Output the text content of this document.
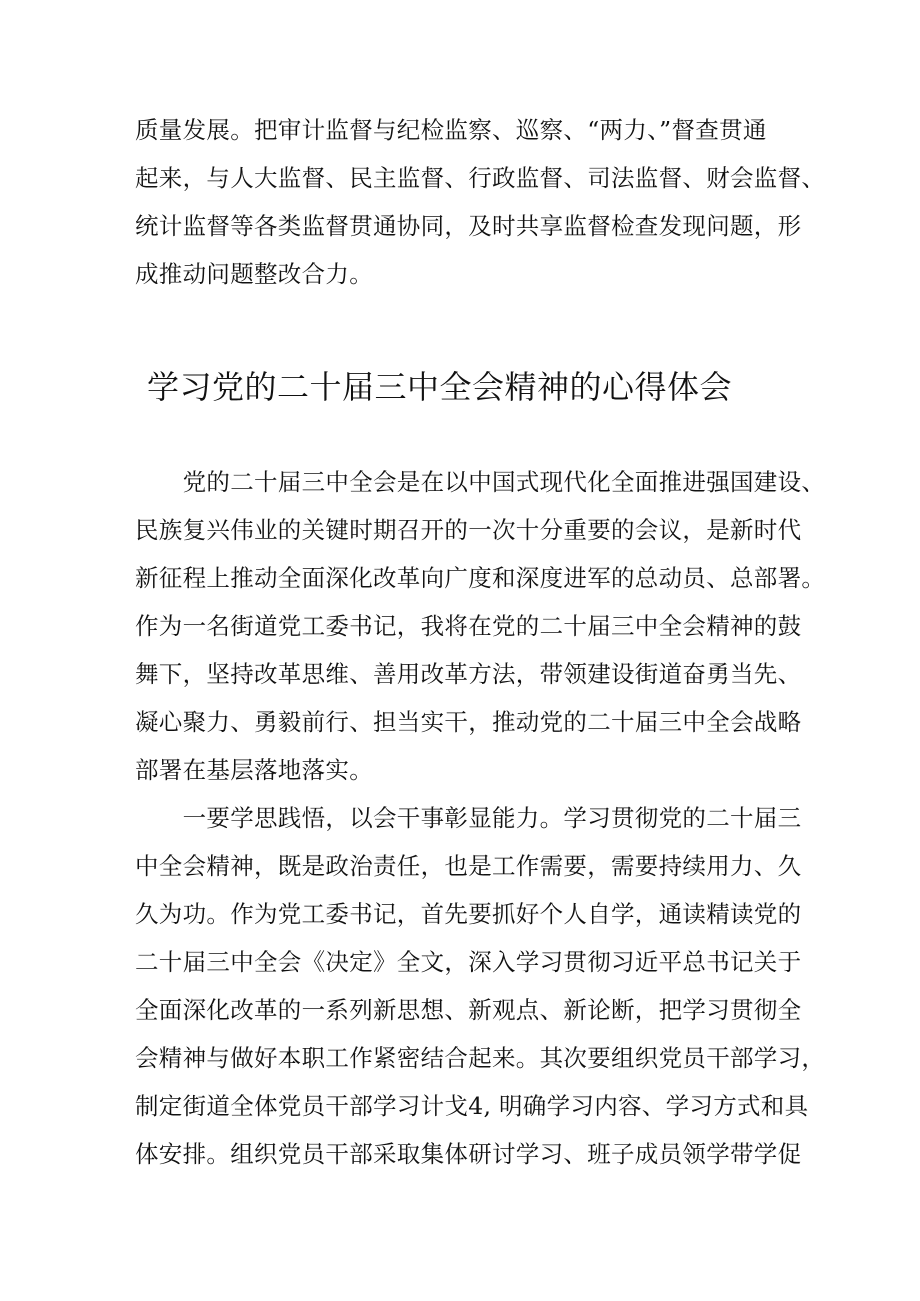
质量发展。把审计监督与纪检监察、巡察、“两力、”督查贯通
起来，与人大监督、民主监督、行政监督、司法监督、财会监督、
统计监督等各类监督贯通协同，及时共享监督检查发现问题，形
成推动问题整改合力。
学习党的二十届三中全会精神的心得体会
　　党的二十届三中全会是在以中国式现代化全面推进强国建设、
民族复兴伟业的关键时期召开的一次十分重要的会议，是新时代
新征程上推动全面深化改革向广度和深度进军的总动员、总部署。
作为一名街道党工委书记，我将在党的二十届三中全会精神的鼓
舞下，坚持改革思维、善用改革方法，带领建设街道奋勇当先、
凝心聚力、勇毅前行、担当实干，推动党的二十届三中全会战略
部署在基层落地落实。
　　一要学思践悟，以会干事彰显能力。学习贯彻党的二十届三
中全会精神，既是政治责任，也是工作需要，需要持续用力、久
久为功。作为党工委书记，首先要抓好个人自学，通读精读党的
二十届三中全会《决定》全文，深入学习贯彻习近平总书记关于
全面深化改革的一系列新思想、新观点、新论断，把学习贯彻全
会精神与做好本职工作紧密结合起来。其次要组织党员干部学习，
制定街道全体党员干部学习计戈4, 明确学习内容、学习方式和具
体安排。组织党员干部采取集体研讨学习、班子成员领学带学促
